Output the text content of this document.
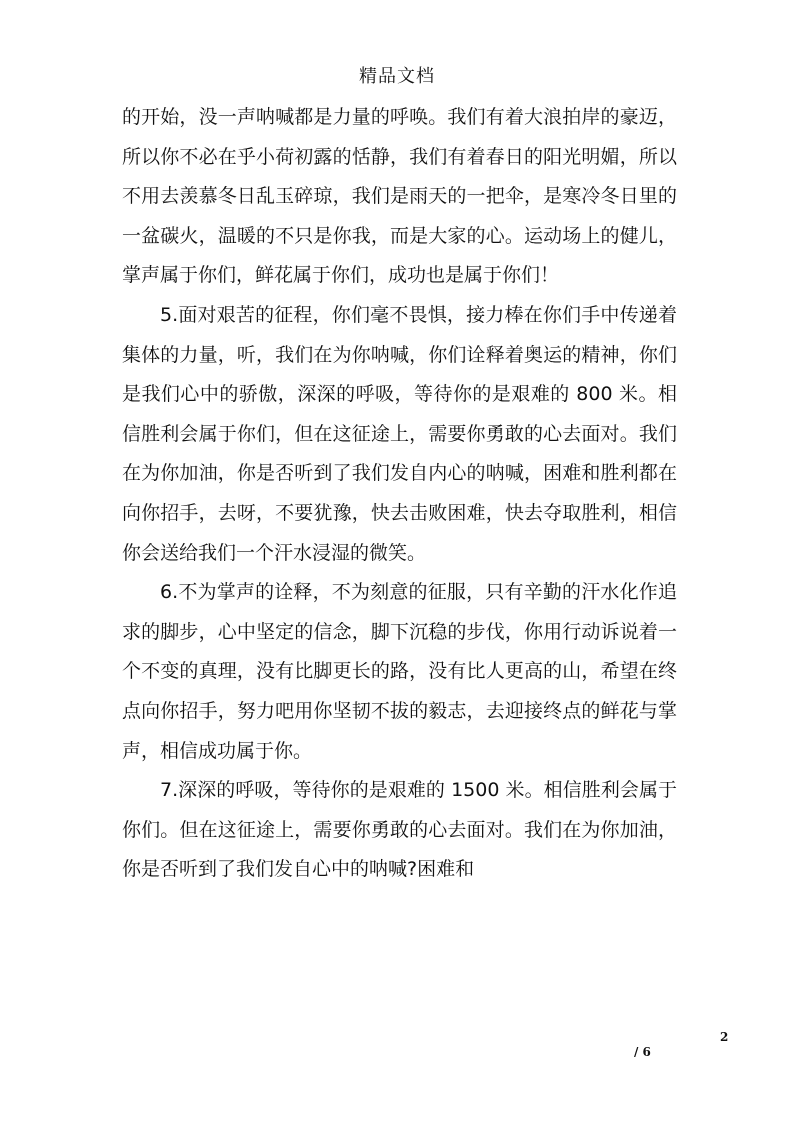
精品文档

的开始，没一声呐喊都是力量的呼唤。我们有着大浪拍岸的豪迈，所以你不必在乎小荷初露的恬静，我们有着春日的阳光明媚，所以不用去羡慕冬日乱玉碎琼，我们是雨天的一把伞，是寒冷冬日里的一盆碳火，温暖的不只是你我，而是大家的心。运动场上的健儿，掌声属于你们，鲜花属于你们，成功也是属于你们！

5.面对艰苦的征程，你们毫不畏惧，接力棒在你们手中传递着集体的力量，听，我们在为你呐喊，你们诠释着奥运的精神，你们是我们心中的骄傲，深深的呼吸，等待你的是艰难的 800 米。相信胜利会属于你们，但在这征途上，需要你勇敢的心去面对。我们在为你加油，你是否听到了我们发自内心的呐喊，困难和胜利都在向你招手，去呀，不要犹豫，快去击败困难，快去夺取胜利，相信你会送给我们一个汗水浸湿的微笑。

6.不为掌声的诠释，不为刻意的征服，只有辛勤的汗水化作追求的脚步，心中坚定的信念，脚下沉稳的步伐，你用行动诉说着一个不变的真理，没有比脚更长的路，没有比人更高的山，希望在终点向你招手，努力吧用你坚韧不拔的毅志，去迎接终点的鲜花与掌声，相信成功属于你。

7.深深的呼吸，等待你的是艰难的 1500 米。相信胜利会属于你们。但在这征途上，需要你勇敢的心去面对。我们在为你加油，你是否听到了我们发自心中的呐喊?困难和

2
/ 6
